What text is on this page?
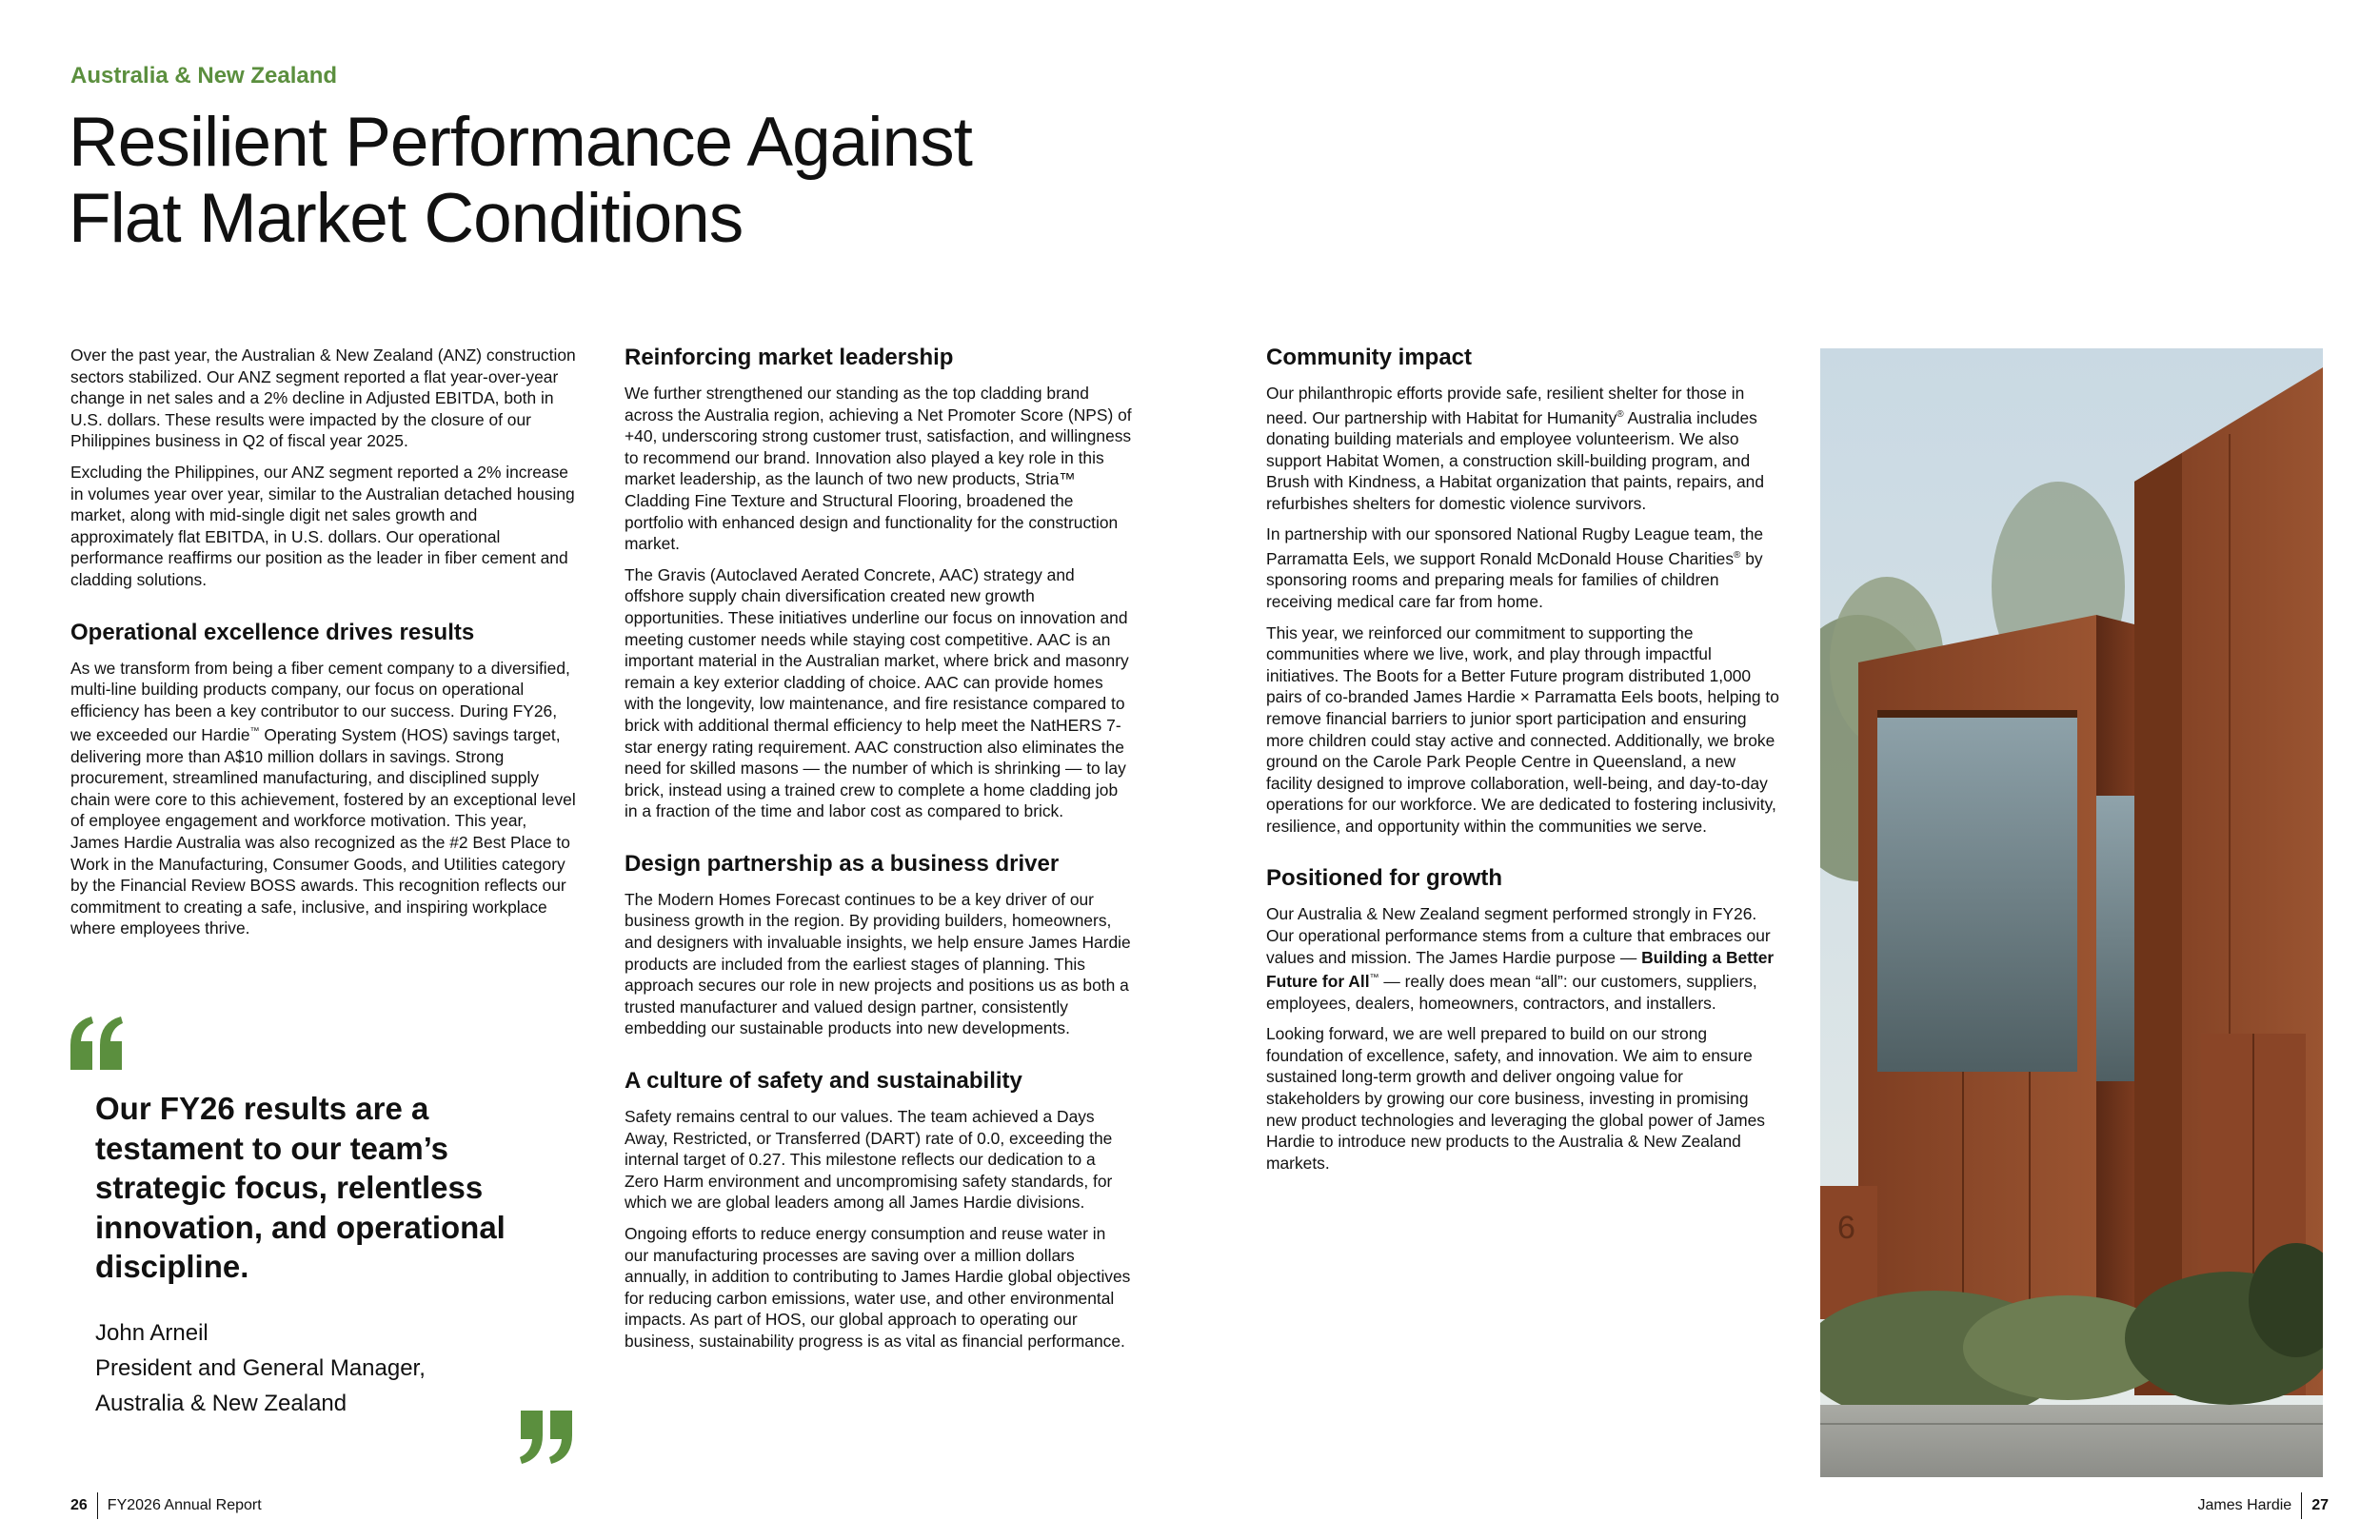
Australia & New Zealand
Resilient Performance Against
Flat Market Conditions

Over the past year, the Australian & New Zealand (ANZ) construction sectors stabilized. Our ANZ segment reported a flat year-over-year change in net sales and a 2% decline in Adjusted EBITDA, both in U.S. dollars. These results were impacted by the closure of our Philippines business in Q2 of fiscal year 2025.

Excluding the Philippines, our ANZ segment reported a 2% increase in volumes year over year, similar to the Australian detached housing market, along with mid-single digit net sales growth and approximately flat EBITDA, in U.S. dollars. Our operational performance reaffirms our position as the leader in fiber cement and cladding solutions.

Operational excellence drives results

As we transform from being a fiber cement company to a diversified, multi-line building products company, our focus on operational efficiency has been a key contributor to our success. During FY26, we exceeded our Hardie™ Operating System (HOS) savings target, delivering more than A$10 million dollars in savings. Strong procurement, streamlined manufacturing, and disciplined supply chain were core to this achievement, fostered by an exceptional level of employee engagement and workforce motivation. This year, James Hardie Australia was also recognized as the #2 Best Place to Work in the Manufacturing, Consumer Goods, and Utilities category by the Financial Review BOSS awards. This recognition reflects our commitment to creating a safe, inclusive, and inspiring workplace where employees thrive.

Our FY26 results are a testament to our team’s strategic focus, relentless innovation, and operational discipline.

John Arneil
President and General Manager,
Australia & New Zealand
Reinforcing market leadership

We further strengthened our standing as the top cladding brand across the Australia region, achieving a Net Promoter Score (NPS) of +40, underscoring strong customer trust, satisfaction, and willingness to recommend our brand. Innovation also played a key role in this market leadership, as the launch of two new products, Stria™ Cladding Fine Texture and Structural Flooring, broadened the portfolio with enhanced design and functionality for the construction market.

The Gravis (Autoclaved Aerated Concrete, AAC) strategy and offshore supply chain diversification created new growth opportunities. These initiatives underline our focus on innovation and meeting customer needs while staying cost competitive. AAC is an important material in the Australian market, where brick and masonry remain a key exterior cladding of choice. AAC can provide homes with the longevity, low maintenance, and fire resistance compared to brick with additional thermal efficiency to help meet the NatHERS 7-star energy rating requirement. AAC construction also eliminates the need for skilled masons — the number of which is shrinking — to lay brick, instead using a trained crew to complete a home cladding job in a fraction of the time and labor cost as compared to brick.

Design partnership as a business driver

The Modern Homes Forecast continues to be a key driver of our business growth in the region. By providing builders, homeowners, and designers with invaluable insights, we help ensure James Hardie products are included from the earliest stages of planning. This approach secures our role in new projects and positions us as both a trusted manufacturer and valued design partner, consistently embedding our sustainable products into new developments.

A culture of safety and sustainability

Safety remains central to our values. The team achieved a Days Away, Restricted, or Transferred (DART) rate of 0.0, exceeding the internal target of 0.27. This milestone reflects our dedication to a Zero Harm environment and uncompromising safety standards, for which we are global leaders among all James Hardie divisions.

Ongoing efforts to reduce energy consumption and reuse water in our manufacturing processes are saving over a million dollars annually, in addition to contributing to James Hardie global objectives for reducing carbon emissions, water use, and other environmental impacts. As part of HOS, our global approach to operating our business, sustainability progress is as vital as financial performance.

Community impact

Our philanthropic efforts provide safe, resilient shelter for those in need. Our partnership with Habitat for Humanity® Australia includes donating building materials and employee volunteerism. We also support Habitat Women, a construction skill-building program, and Brush with Kindness, a Habitat organization that paints, repairs, and refurbishes shelters for domestic violence survivors.

In partnership with our sponsored National Rugby League team, the Parramatta Eels, we support Ronald McDonald House Charities® by sponsoring rooms and preparing meals for families of children receiving medical care far from home.

This year, we reinforced our commitment to supporting the communities where we live, work, and play through impactful initiatives. The Boots for a Better Future program distributed 1,000 pairs of co-branded James Hardie × Parramatta Eels boots, helping to remove financial barriers to junior sport participation and ensuring more children could stay active and connected. Additionally, we broke ground on the Carole Park People Centre in Queensland, a new facility designed to improve collaboration, well-being, and day-to-day operations for our workforce. We are dedicated to fostering inclusivity, resilience, and opportunity within the communities we serve.

Positioned for growth

Our Australia & New Zealand segment performed strongly in FY26. Our operational performance stems from a culture that embraces our values and mission. The James Hardie purpose — Building a Better Future for All™ — really does mean “all”: our customers, suppliers, employees, dealers, homeowners, contractors, and installers.

Looking forward, we are well prepared to build on our strong foundation of excellence, safety, and innovation. We aim to ensure sustained long-term growth and deliver ongoing value for stakeholders by growing our core business, investing in promising new product technologies and leveraging the global power of James Hardie to introduce new products to the Australia & New Zealand markets.

6
26 FY2026 Annual Report	James Hardie 27
